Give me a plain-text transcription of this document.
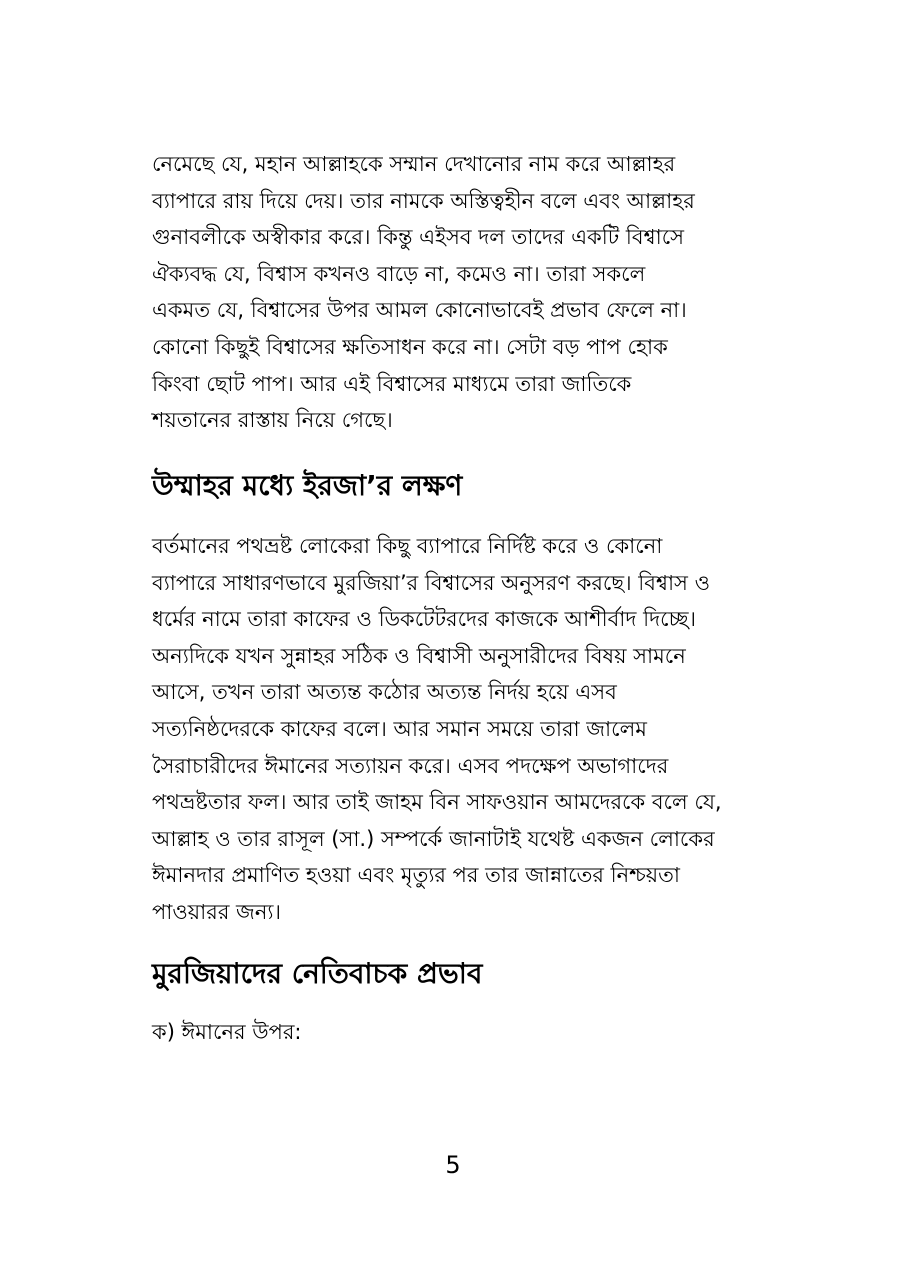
নেমেছে যে, মহান আল্লাহকে সম্মান দেখানোর নাম করে আল্লাহর
ব্যাপারে রায় দিয়ে দেয়। তার নামকে অস্তিত্বহীন বলে এবং আল্লাহর
গুনাবলীকে অস্বীকার করে। কিন্তু এইসব দল তাদের একটি বিশ্বাসে
ঐক্যবদ্ধ যে, বিশ্বাস কখনও বাড়ে না, কমেও না। তারা সকলে
একমত যে, বিশ্বাসের উপর আমল কোনোভাবেই প্রভাব ফেলে না।
কোনো কিছুই বিশ্বাসের ক্ষতিসাধন করে না। সেটা বড় পাপ হোক
কিংবা ছোট পাপ। আর এই বিশ্বাসের মাধ্যমে তারা জাতিকে
শয়তানের রাস্তায় নিয়ে গেছে।

উম্মাহর মধ্যে ইরজা’র লক্ষণ

বর্তমানের পথভ্রষ্ট লোকেরা কিছু ব্যাপারে নির্দিষ্ট করে ও কোনো
ব্যাপারে সাধারণভাবে মুরজিয়া’র বিশ্বাসের অনুসরণ করছে। বিশ্বাস ও
ধর্মের নামে তারা কাফের ও ডিকটেটরদের কাজকে আশীর্বাদ দিচ্ছে।
অন্যদিকে যখন সুন্নাহর সঠিক ও বিশ্বাসী অনুসারীদের বিষয় সামনে
আসে, তখন তারা অত্যন্ত কঠোর অত্যন্ত নির্দয় হয়ে এসব
সত্যনিষ্ঠদেরকে কাফের বলে। আর সমান সময়ে তারা জালেম
সৈরাচারীদের ঈমানের সত্যায়ন করে। এসব পদক্ষেপ অভাগাদের
পথভ্রষ্টতার ফল। আর তাই জাহম বিন সাফওয়ান আমদেরকে বলে যে,
আল্লাহ ও তার রাসূল (সা.) সম্পর্কে জানাটাই যথেষ্ট একজন লোকের
ঈমানদার প্রমাণিত হওয়া এবং মৃত্যুর পর তার জান্নাতের নিশ্চয়তা
পাওয়ারর জন্য।

মুরজিয়াদের নেতিবাচক প্রভাব
ক) ঈমানের উপর:
5
